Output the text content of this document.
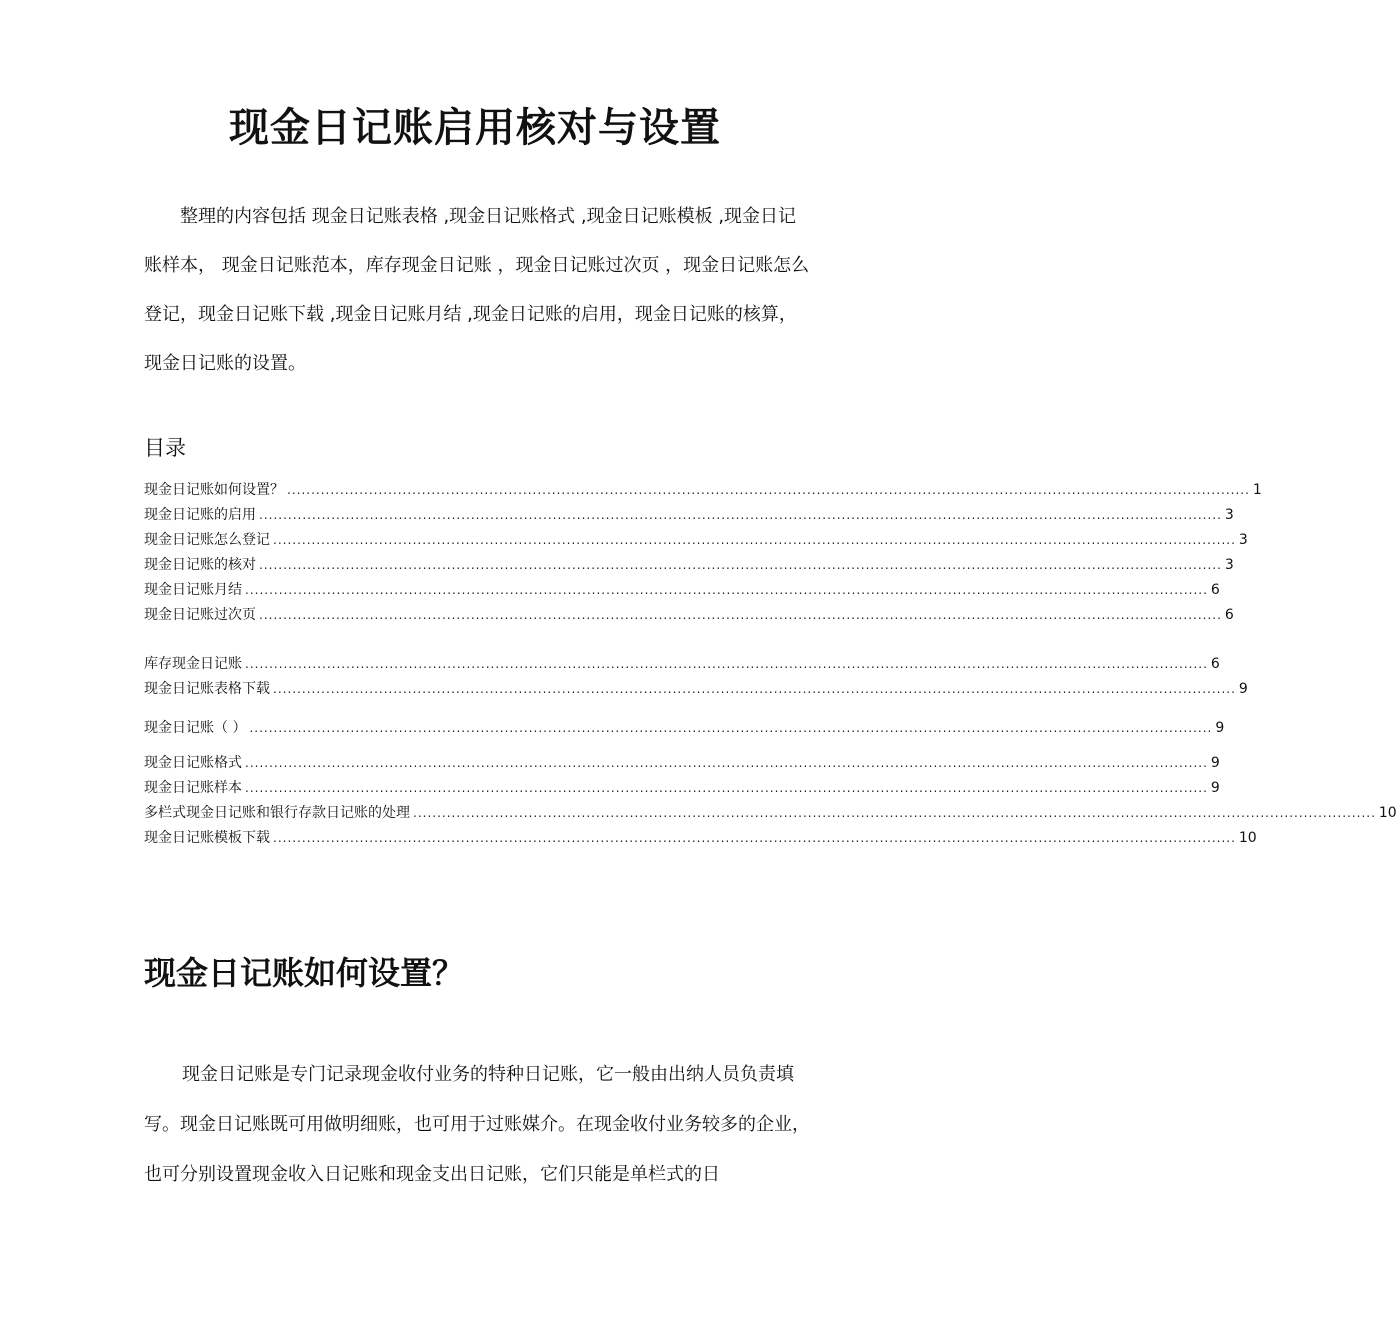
现金日记账启用核对与设置

整理的内容包括 现金日记账表格 ,现金日记账格式 ,现金日记账模板 ,现金日记账样本， 现金日记账范本，库存现金日记账 ，现金日记账过次页 ，现金日记账怎么登记，现金日记账下载 ,现金日记账月结 ,现金日记账的启用，现金日记账的核算，现金日记账的设置。

目录
现金日记账如何设置？ ........................................................................................................................................................................................................ 1
现金日记账的启用 ........................................................................................................................................................................................................ 3
现金日记账怎么登记 ........................................................................................................................................................................................................ 3
现金日记账的核对 ........................................................................................................................................................................................................ 3
现金日记账月结 ........................................................................................................................................................................................................ 6
现金日记账过次页 ........................................................................................................................................................................................................ 6
库存现金日记账 ........................................................................................................................................................................................................ 6
现金日记账表格下载 ........................................................................................................................................................................................................ 9
现金日记账（ ） ........................................................................................................................................................................................................ 9
现金日记账格式 ........................................................................................................................................................................................................ 9
现金日记账样本 ........................................................................................................................................................................................................ 9
多栏式现金日记账和银行存款日记账的处理 ........................................................................................................................................................................................................ 10
现金日记账模板下载 ........................................................................................................................................................................................................ 10
现金日记账如何设置？

现金日记账是专门记录现金收付业务的特种日记账，它一般由出纳人员负责填写。现金日记账既可用做明细账，也可用于过账媒介。在现金收付业务较多的企业，也可分别设置现金收入日记账和现金支出日记账，它们只能是单栏式的日
